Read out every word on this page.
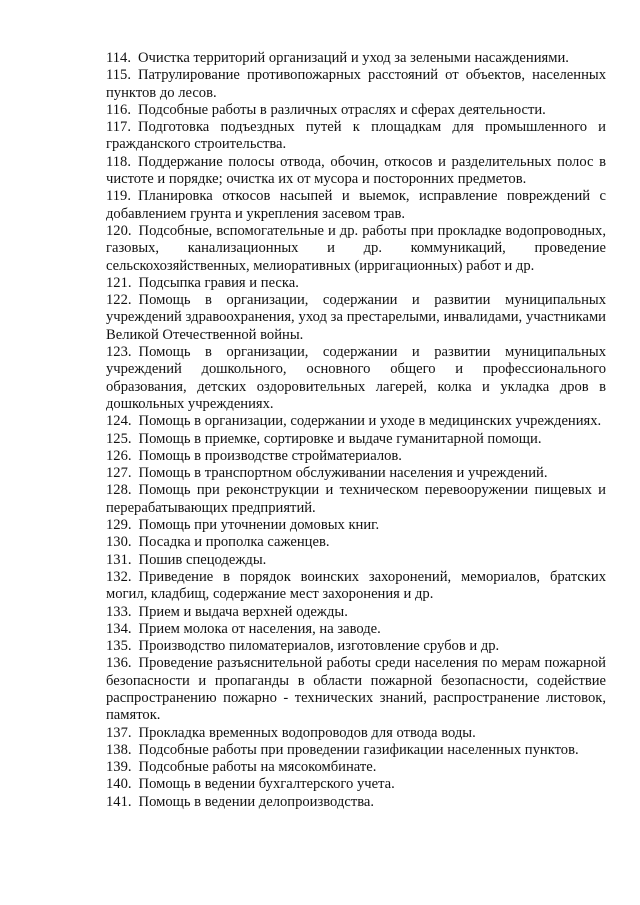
114. Очистка территорий организаций и уход за зелеными насаждениями.

115. Патрулирование противопожарных расстояний от объектов, населенных пунктов до лесов.

116. Подсобные работы в различных отраслях и сферах деятельности.

117. Подготовка подъездных путей к площадкам для промышленного и гражданского строительства.

118. Поддержание полосы отвода, обочин, откосов и разделительных полос в чистоте и порядке; очистка их от мусора и посторонних предметов.

119. Планировка откосов насыпей и выемок, исправление повреждений с добавлением грунта и укрепления засевом трав.

120. Подсобные, вспомогательные и др. работы при прокладке водопроводных, газовых, канализационных и др. коммуникаций, проведение сельскохозяйственных, мелиоративных (ирригационных) работ и др.

121. Подсыпка гравия и песка.

122. Помощь в организации, содержании и развитии муниципальных учреждений здравоохранения, уход за престарелыми, инвалидами, участниками Великой Отечественной войны.

123. Помощь в организации, содержании и развитии муниципальных учреждений дошкольного, основного общего и профессионального образования, детских оздоровительных лагерей, колка и укладка дров в дошкольных учреждениях.

124. Помощь в организации, содержании и уходе в медицинских учреждениях.

125. Помощь в приемке, сортировке и выдаче гуманитарной помощи.

126. Помощь в производстве стройматериалов.

127. Помощь в транспортном обслуживании населения и учреждений.

128. Помощь при реконструкции и техническом перевооружении пищевых и перерабатывающих предприятий.

129. Помощь при уточнении домовых книг.

130. Посадка и прополка саженцев.

131. Пошив спецодежды.

132. Приведение в порядок воинских захоронений, мемориалов, братских могил, кладбищ, содержание мест захоронения и др.

133. Прием и выдача верхней одежды.

134. Прием молока от населения, на заводе.

135. Производство пиломатериалов, изготовление срубов и др.

136. Проведение разъяснительной работы среди населения по мерам пожарной безопасности и пропаганды в области пожарной безопасности, содействие распространению пожарно - технических знаний, распространение листовок, памяток.

137. Прокладка временных водопроводов для отвода воды.

138. Подсобные работы при проведении газификации населенных пунктов.

139. Подсобные работы на мясокомбинате.

140. Помощь в ведении бухгалтерского учета.

141. Помощь в ведении делопроизводства.
